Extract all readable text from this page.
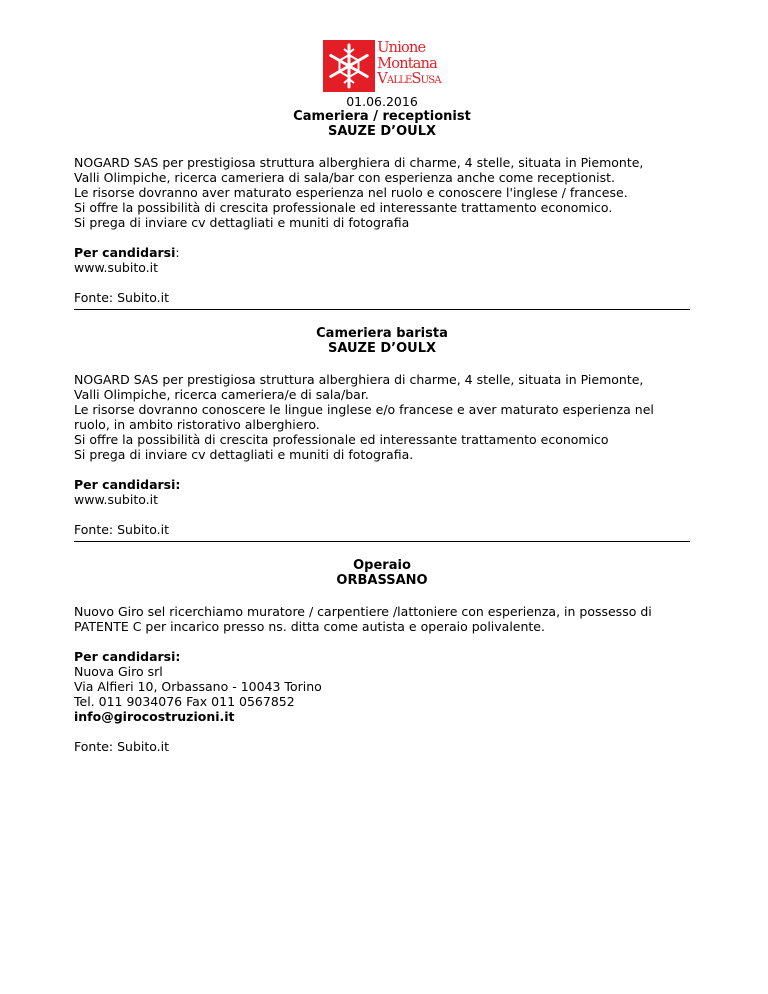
Unione
Montana
ValleSusa
01.06.2016
Cameriera / receptionist
SAUZE D’OULX

NOGARD SAS per prestigiosa struttura alberghiera di charme, 4 stelle, situata in Piemonte,

Valli Olimpiche, ricerca cameriera di sala/bar con esperienza anche come receptionist.

Le risorse dovranno aver maturato esperienza nel ruolo e conoscere l'inglese / francese.

Si offre la possibilità di crescita professionale ed interessante trattamento economico.

Si prega di inviare cv dettagliati e muniti di fotografia

Per candidarsi:

www.subito.it

Fonte: Subito.it
Cameriera barista
SAUZE D’OULX

NOGARD SAS per prestigiosa struttura alberghiera di charme, 4 stelle, situata in Piemonte,

Valli Olimpiche, ricerca cameriera/e di sala/bar.

Le risorse dovranno conoscere le lingue inglese e/o francese e aver maturato esperienza nel

ruolo, in ambito ristorativo alberghiero.

Si offre la possibilità di crescita professionale ed interessante trattamento economico

Si prega di inviare cv dettagliati e muniti di fotografia.

Per candidarsi:

www.subito.it

Fonte: Subito.it
Operaio
ORBASSANO

Nuovo Giro sel ricerchiamo muratore / carpentiere /lattoniere con esperienza, in possesso di

PATENTE C per incarico presso ns. ditta come autista e operaio polivalente.

Per candidarsi:

Nuova Giro srl

Via Alfieri 10, Orbassano - 10043 Torino

Tel. 011 9034076 Fax 011 0567852

info@girocostruzioni.it

Fonte: Subito.it
